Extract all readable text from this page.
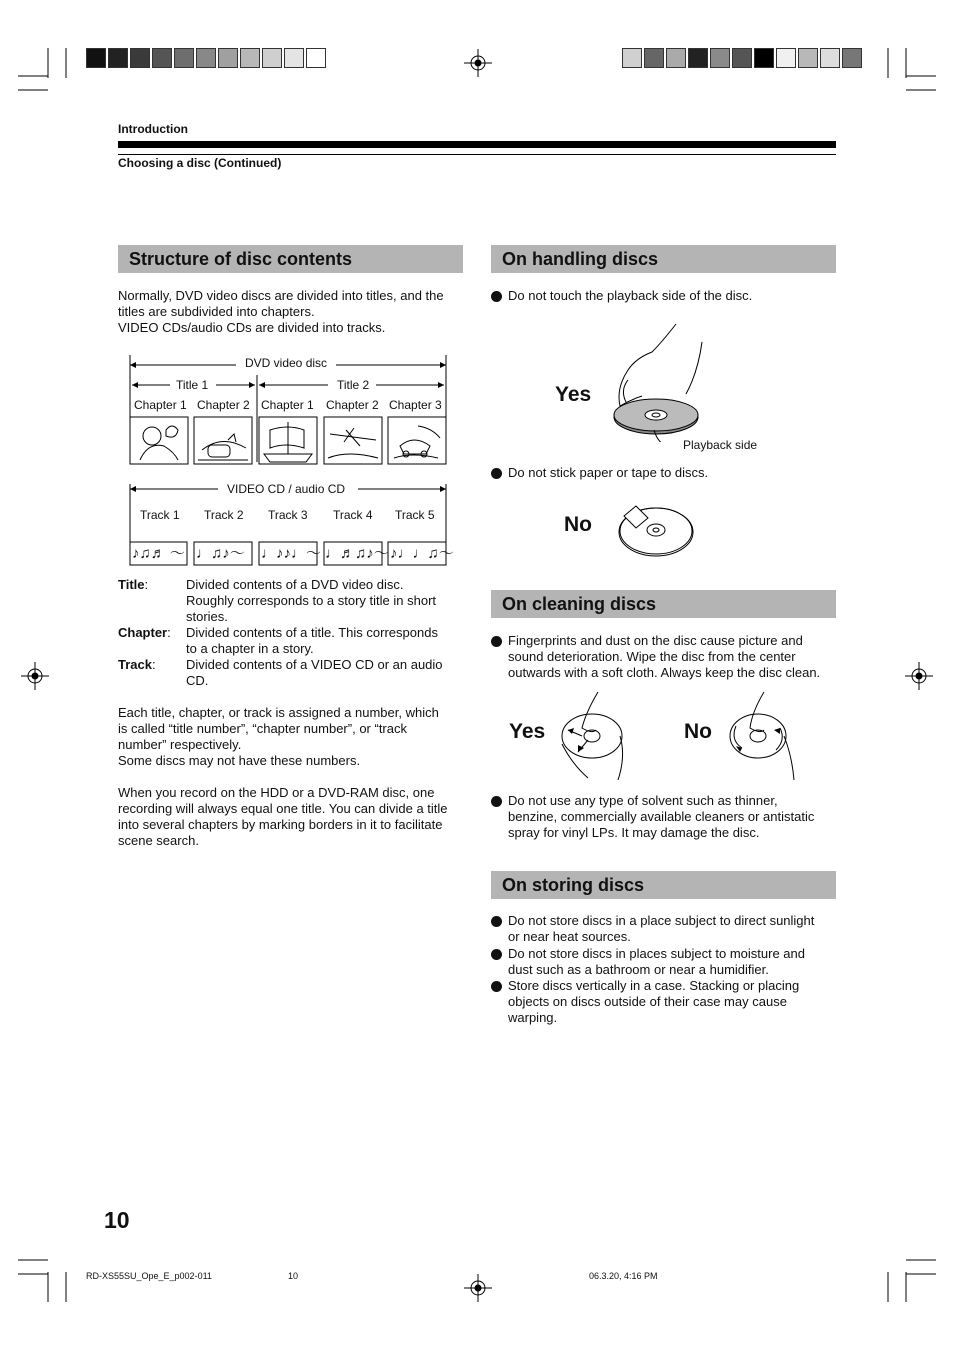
Introduction
Choosing a disc (Continued)
Structure of disc contents
Normally, DVD video discs are divided into titles, and the
titles are subdivided into chapters.
VIDEO CDs/audio CDs are divided into tracks.
DVD video disc
Title 1	Title 2
Chapter 1 Chapter 2 Chapter 1 Chapter 2 Chapter 3
VIDEO CD / audio CD
Track 1 Track 2 Track 3 Track 4 Track 5
♪♫♬ ～ ♩♫♪～ ♩♪♪♩～ ♩♬♫♪～ ♪♩♩♫～
Title:	Divided contents of a DVD video disc.
Roughly corresponds to a story title in short
stories.
Chapter: Divided contents of a title. This corresponds
to a chapter in a story.
Track: Divided contents of a VIDEO CD or an audio
CD.
Each title, chapter, or track is assigned a number, which
is called “title number”, “chapter number”, or “track
number” respectively.
Some discs may not have these numbers.
When you record on the HDD or a DVD-RAM disc, one
recording will always equal one title. You can divide a title
into several chapters by marking borders in it to facilitate
scene search.
On handling discs
Do not touch the playback side of the disc.
Yes
Playback side
Do not stick paper or tape to discs.
No
On cleaning discs
Fingerprints and dust on the disc cause picture and
sound deterioration. Wipe the disc from the center
outwards with a soft cloth. Always keep the disc clean.
Yes	No
Do not use any type of solvent such as thinner,
benzine, commercially available cleaners or antistatic
spray for vinyl LPs. It may damage the disc.
On storing discs
Do not store discs in a place subject to direct sunlight
or near heat sources.
Do not store discs in places subject to moisture and
dust such as a bathroom or near a humidifier.
Store discs vertically in a case. Stacking or placing
objects on discs outside of their case may cause
warping.
10
RD-XS55SU_Ope_E_p002-011	10	06.3.20, 4:16 PM
